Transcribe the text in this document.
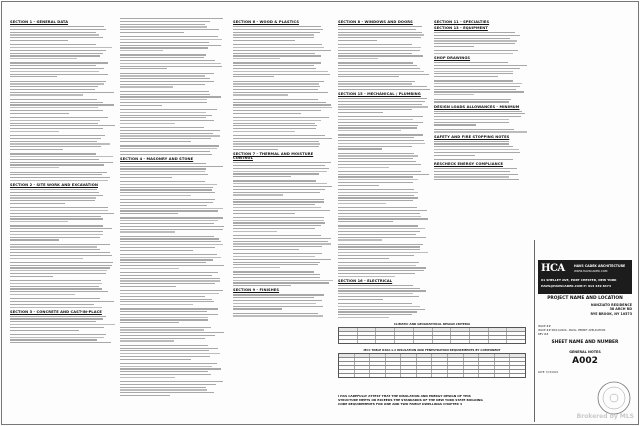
SECTION 1 - GENERAL DATA
SECTION 2 - SITE WORK AND EXCAVATION
SECTION 3 - CONCRETE AND CAST-IN-PLACE
SECTION 4 - MASONRY AND STONE
SECTION 6 - WOOD & PLASTICS
SECTION 7 - THERMAL AND MOISTURE CONTROL
SECTION 9 - FINISHES
SECTION 8 - WINDOWS AND DOORS
SECTION 15 - MECHANICAL / PLUMBING
SECTION 16 - ELECTRICAL
SECTION 11 - SPECIALTIES
SECTION 13 - EQUIPMENT
SHOP DRAWINGS
DESIGN LOADS ALLOWANCES - MINIMUM
SAFETY AND FIRE STOPPING NOTES
RESCHECK ENERGY COMPLIANCE
CLIMATIC AND GEOGRAPHICAL DESIGN CRITERIA
IECC TABLE R402.1.2 INSULATION AND FENESTRATION REQUIREMENTS BY COMPONENT
I HAS CAREFULLY ATTEST THAT THE INSULATION AND ENERGY DESIGN OF THIS
STRUCTURE MEETS OR EXCEEDS THE STANDARDS OF THE NEW YORK STATE BUILDING
CODE REQUIREMENTS FOR ONE AND TWO FAMILY DWELLINGS CHAPTER 4
HCA	HAVS CADEK ARCHITECTURE
WWW.HAVSCADEK.COM
61 SHELLEY AVE, PORT CHESTER, NEW YORK
HAVS@HAVSCADEK.COM P: 914 449 8474
PROJECT NAME AND LOCATION
NUNZIATO RESIDENCE
38 ARCH RD
RYE BROOK, NY 10573
ISSUE ##
ISSUE ## 08/11/2024 - BLDG. PERMIT APPLICATION
REV ##
SHEET NAME AND NUMBER
GENERAL NOTES
A002
DATE: 7/15/2024
Brokered by MLS
